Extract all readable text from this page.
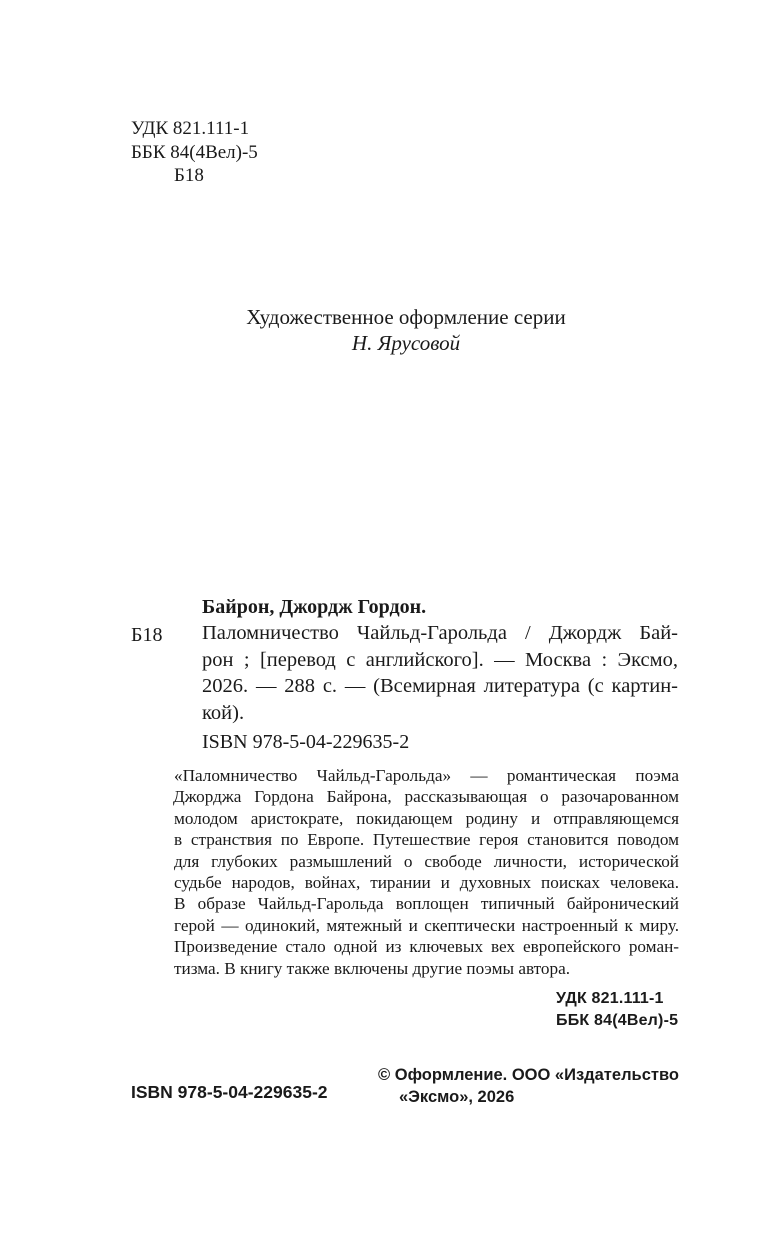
УДК 821.111-1
ББК 84(4Вел)-5
Б18
Художественное оформление серии
Н. Ярусовой
Байрон, Джордж Гордон.
Б18 Паломничество Чайльд-Гарольда / Джордж Бай-
рон ; [перевод с английского]. — Москва : Эксмо,
2026. — 288 с. — (Всемирная литература (с картин-
кой).
ISBN 978-5-04-229635-2
«Паломничество Чайльд-Гарольда» — романтическая поэма
Джорджа Гордона Байрона, рассказывающая о разочарованном
молодом аристократе, покидающем родину и отправляющемся
в странствия по Европе. Путешествие героя становится поводом
для глубоких размышлений о свободе личности, исторической
судьбе народов, войнах, тирании и духовных поисках человека.
В образе Чайльд-Гарольда воплощен типичный байронический
герой — одинокий, мятежный и скептически настроенный к миру.
Произведение стало одной из ключевых вех европейского роман-
тизма. В книгу также включены другие поэмы автора.
УДК 821.111-1
ББК 84(4Вел)-5
ISBN 978-5-04-229635-2
© Оформление. ООО «Издательство
«Эксмо», 2026
